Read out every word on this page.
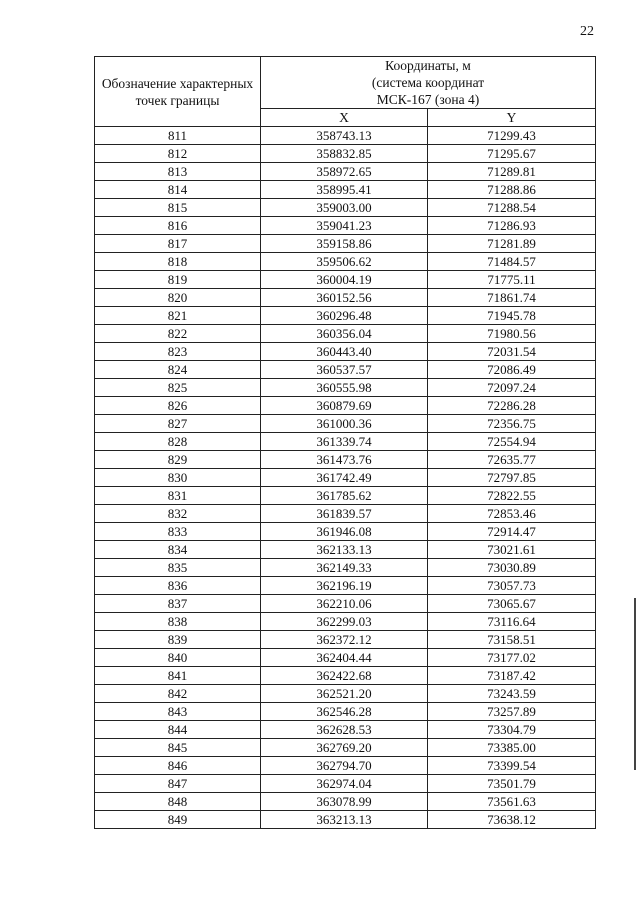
22
Обозначение характерных точек границы	Координаты, м
(система координат
МСК-167 (зона 4)	

	X	Y
811	358743.13	71299.43
812	358832.85	71295.67
813	358972.65	71289.81
814	358995.41	71288.86
815	359003.00	71288.54
816	359041.23	71286.93
817	359158.86	71281.89
818	359506.62	71484.57
819	360004.19	71775.11
820	360152.56	71861.74
821	360296.48	71945.78
822	360356.04	71980.56
823	360443.40	72031.54
824	360537.57	72086.49
825	360555.98	72097.24
826	360879.69	72286.28
827	361000.36	72356.75
828	361339.74	72554.94
829	361473.76	72635.77
830	361742.49	72797.85
831	361785.62	72822.55
832	361839.57	72853.46
833	361946.08	72914.47
834	362133.13	73021.61
835	362149.33	73030.89
836	362196.19	73057.73
837	362210.06	73065.67
838	362299.03	73116.64
839	362372.12	73158.51
840	362404.44	73177.02
841	362422.68	73187.42
842	362521.20	73243.59
843	362546.28	73257.89
844	362628.53	73304.79
845	362769.20	73385.00
846	362794.70	73399.54
847	362974.04	73501.79
848	363078.99	73561.63
849	363213.13	73638.12
